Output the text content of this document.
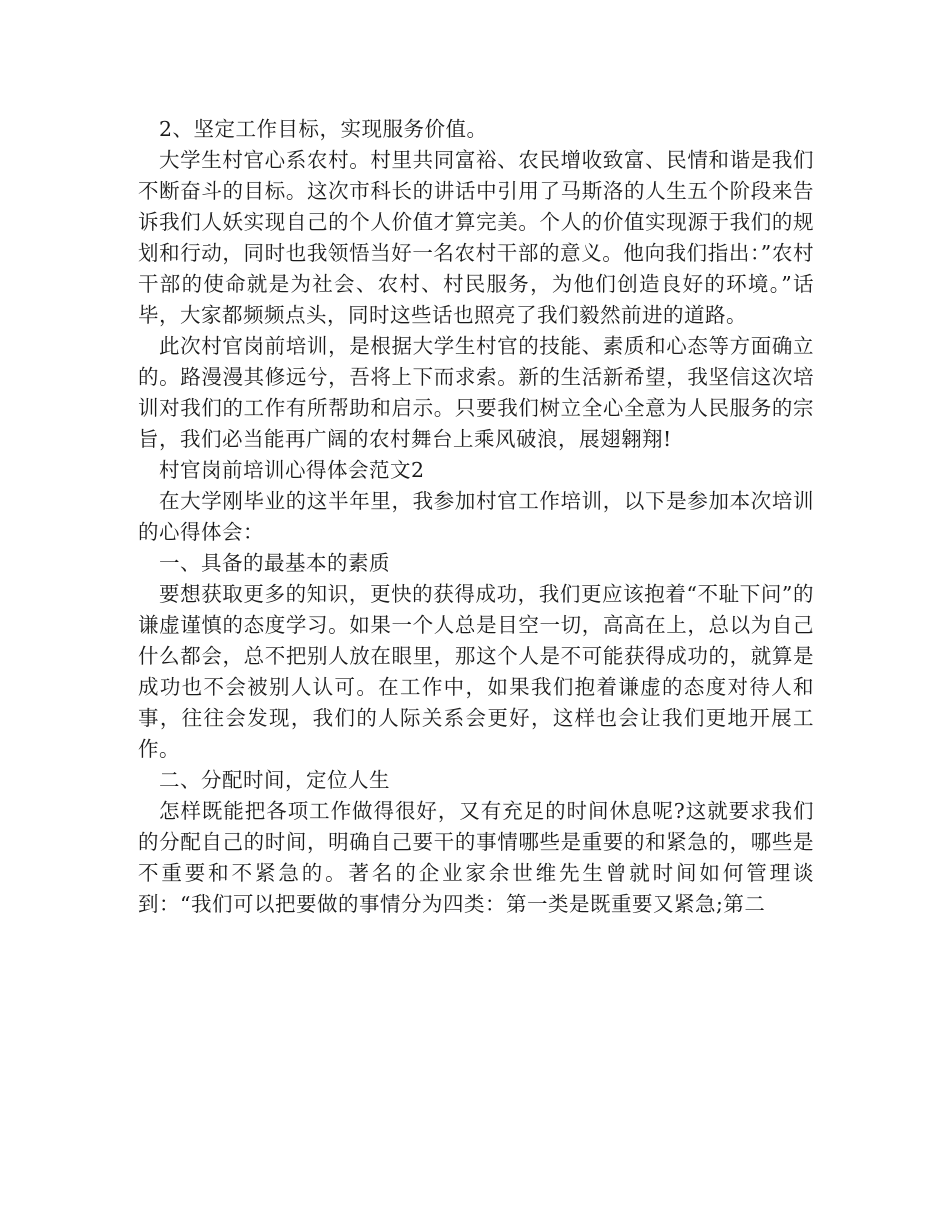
2、坚定工作目标，实现服务价值。

大学生村官心系农村。村里共同富裕、农民增收致富、民情和谐是我们不断奋斗的目标。这次市科长的讲话中引用了马斯洛的人生五个阶段来告诉我们人妖实现自己的个人价值才算完美。个人的价值实现源于我们的规划和行动，同时也我领悟当好一名农村干部的意义。他向我们指出：”农村干部的使命就是为社会、农村、村民服务，为他们创造良好的环境。”话毕，大家都频频点头，同时这些话也照亮了我们毅然前进的道路。

此次村官岗前培训，是根据大学生村官的技能、素质和心态等方面确立的。路漫漫其修远兮，吾将上下而求索。新的生活新希望，我坚信这次培训对我们的工作有所帮助和启示。只要我们树立全心全意为人民服务的宗旨，我们必当能再广阔的农村舞台上乘风破浪，展翅翱翔!

村官岗前培训心得体会范文2

在大学刚毕业的这半年里，我参加村官工作培训，以下是参加本次培训的心得体会：

一、具备的最基本的素质

要想获取更多的知识，更快的获得成功，我们更应该抱着“不耻下问”的谦虚谨慎的态度学习。如果一个人总是目空一切，高高在上，总以为自己什么都会，总不把别人放在眼里，那这个人是不可能获得成功的，就算是成功也不会被别人认可。在工作中，如果我们抱着谦虚的态度对待人和事，往往会发现，我们的人际关系会更好，这样也会让我们更地开展工作。

二、分配时间，定位人生

怎样既能把各项工作做得很好，又有充足的时间休息呢?这就要求我们的分配自己的时间，明确自己要干的事情哪些是重要的和紧急的，哪些是不重要和不紧急的。著名的企业家余世维先生曾就时间如何管理谈到：“我们可以把要做的事情分为四类：第一类是既重要又紧急;第二
